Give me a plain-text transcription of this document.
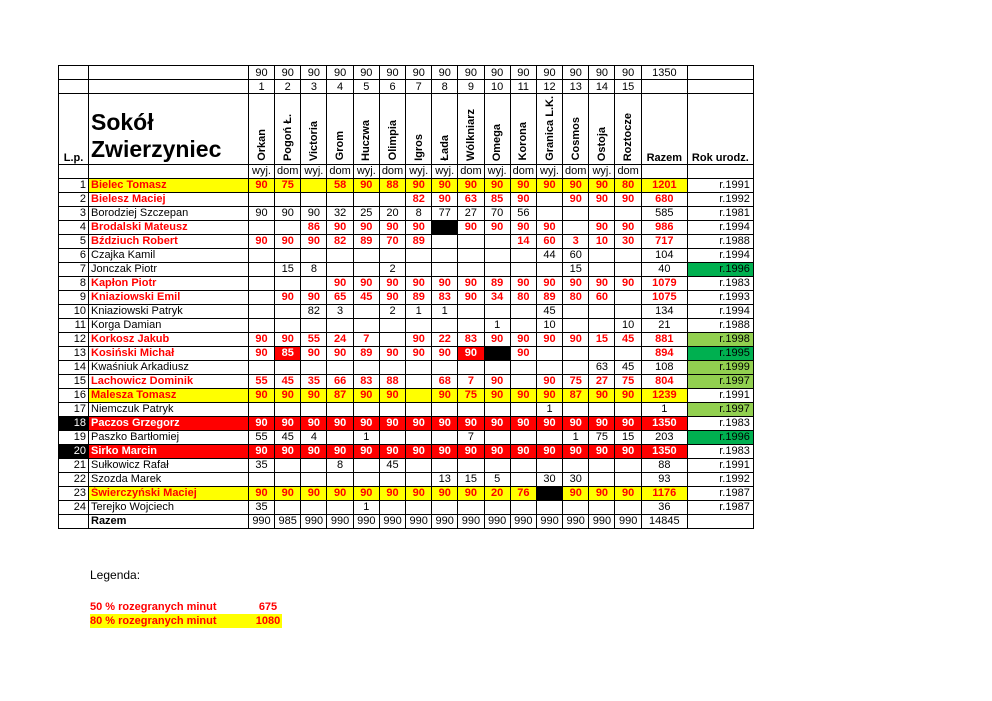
		90	90	90	90	90	90	90	90	90	90	90	90	90	90	90	1350	
		1	2	3	4	5	6	7	8	9	10	11	12	13	14	15		
L.p.	Sokół
Zwierzyniec	Orkan	Pogoń Ł.	Victoria	Grom	Huczwa	Olimpia	Igros	Łada	Wólkniarz	Omega	Korona	Granica L.K.	Cosmos	Ostoja	Roztocze	Razem	Rok urodz.
		wyj.	dom	wyj.	dom	wyj.	dom	wyj.	wyj.	dom	wyj.	dom	wyj.	dom	wyj.	dom		
1	Bielec Tomasz	90	75		58	90	88	90	90	90	90	90	90	90	90	80	1201	r.1991
2	Bielesz Maciej							82	90	63	85	90		90	90	90	680	r.1992
3	Borodziej Szczepan	90	90	90	32	25	20	8	77	27	70	56					585	r.1981
4	Brodalski Mateusz			86	90	90	90	90		90	90	90	90		90	90	986	r.1994
5	Bździuch Robert	90	90	90	82	89	70	89				14	60	3	10	30	717	r.1988
6	Czajka Kamil												44	60			104	r.1994
7	Jonczak Piotr		15	8			2							15			40	r.1996
8	Kapłon Piotr				90	90	90	90	90	90	89	90	90	90	90	90	1079	r.1983
9	Kniaziowski Emil		90	90	65	45	90	89	83	90	34	80	89	80	60		1075	r.1993
10	Kniaziowski Patryk			82	3		2	1	1				45				134	r.1994
11	Korga Damian										1		10			10	21	r.1988
12	Korkosz Jakub	90	90	55	24	7		90	22	83	90	90	90	90	15	45	881	r.1998
13	Kosiński Michał	90	85	90	90	89	90	90	90	90		90					894	r.1995
14	Kwaśniuk Arkadiusz														63	45	108	r.1999
15	Lachowicz Dominik	55	45	35	66	83	88		68	7	90		90	75	27	75	804	r.1997
16	Malesza Tomasz	90	90	90	87	90	90		90	75	90	90	90	87	90	90	1239	r.1991
17	Niemczuk Patryk												1				1	r.1997
18	Paczos Grzegorz	90	90	90	90	90	90	90	90	90	90	90	90	90	90	90	1350	r.1983
19	Paszko Bartłomiej	55	45	4		1				7				1	75	15	203	r.1996
20	Sirko Marcin	90	90	90	90	90	90	90	90	90	90	90	90	90	90	90	1350	r.1983
21	Sułkowicz Rafał	35			8		45										88	r.1991
22	Szozda Marek								13	15	5		30	30			93	r.1992
23	Świerczyński Maciej	90	90	90	90	90	90	90	90	90	20	76		90	90	90	1176	r.1987
24	Terejko Wojciech	35				1											36	r.1987
	Razem	990	985	990	990	990	990	990	990	990	990	990	990	990	990	990	14845	
Legenda:
50 % rozegranych minut	675
80 % rozegranych minut	1080
